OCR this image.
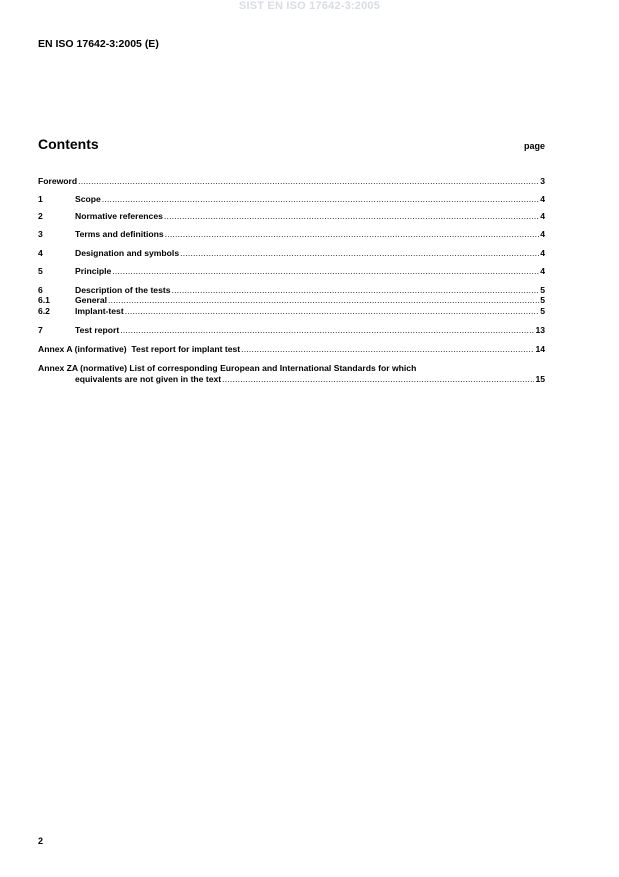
SIST EN ISO 17642-3:2005
EN ISO 17642-3:2005 (E)
Contents	page
Foreword .....	3
1	Scope .....	4
2	Normative references .....	4
3	Terms and definitions .....	4
4	Designation and symbols .....	4
5	Principle .....	4
6	Description of the tests .....	5
6.1	General .....	5
6.2	Implant-test .....	5
7	Test report .....	13
Annex A (informative)  Test report for implant test .....	14
Annex ZA (normative) List of corresponding European and International Standards for which
equivalents are not given in the text .....	15
2
